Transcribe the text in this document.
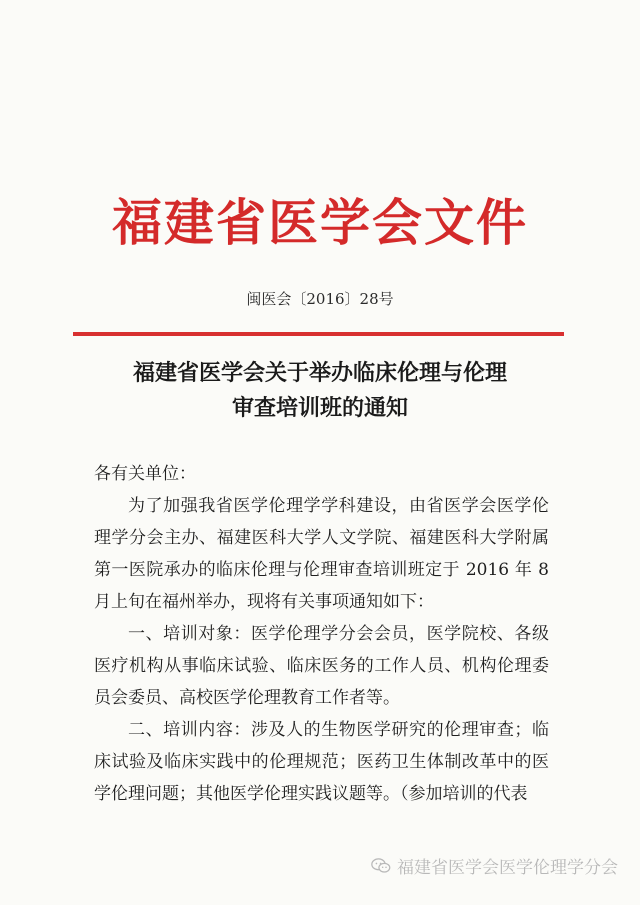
福建省医学会文件
闽医会〔2016〕28号
福建省医学会关于举办临床伦理与伦理
审查培训班的通知
各有关单位：

为了加强我省医学伦理学学科建设，由省医学会医学伦理学分会主办、福建医科大学人文学院、福建医科大学附属第一医院承办的临床伦理与伦理审查培训班定于 2016 年 8 月上旬在福州举办，现将有关事项通知如下：

一、培训对象：医学伦理学分会会员，医学院校、各级医疗机构从事临床试验、临床医务的工作人员、机构伦理委员会委员、高校医学伦理教育工作者等。

二、培训内容：涉及人的生物医学研究的伦理审查；临床试验及临床实践中的伦理规范；医药卫生体制改革中的医学伦理问题；其他医学伦理实践议题等。（参加培训的代表

福建省医学会医学伦理学分会
